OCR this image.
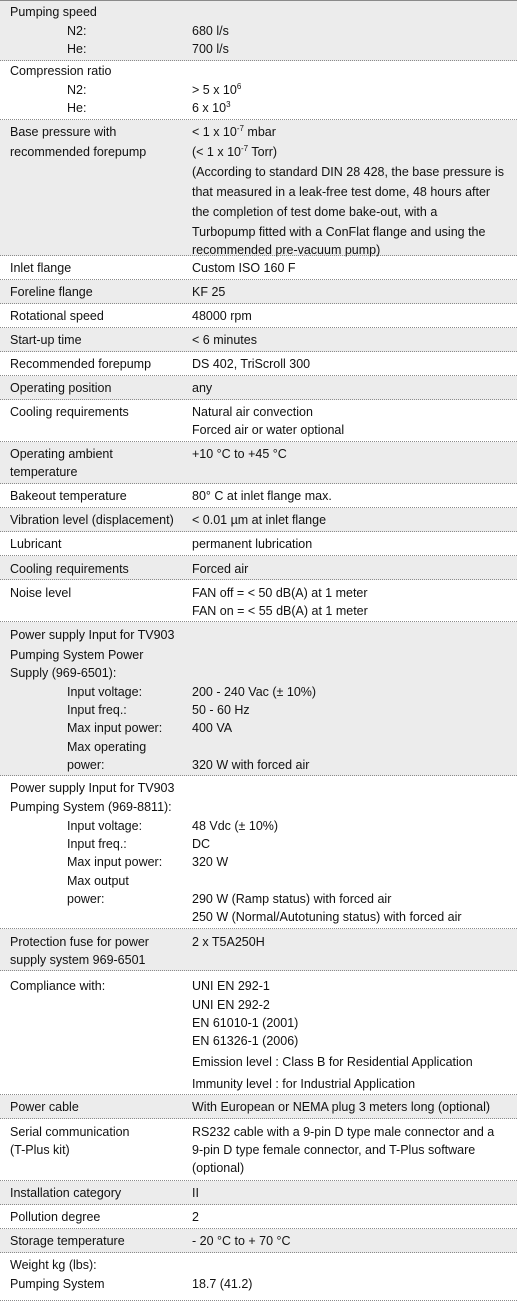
Pumping speed
N2:	680 l/s
He:	700 l/s
Compression ratio
N2:	> 5 x $10^6$
He:	6 x $10^3$
Base pressure with	< 1 x $10^{-7}$ mbar
recommended forepump	(< 1 x $10^{-7}$ Torr)
(According to standard DIN 28 428, the base pressure is
that measured in a leak-free test dome, 48 hours after
the completion of test dome bake-out, with a
Turbopump fitted with a ConFlat flange and using the
recommended pre-vacuum pump)
Inlet flange	Custom ISO 160 F
Foreline flange	KF 25
Rotational speed	48000 rpm
Start-up time	< 6 minutes
Recommended forepump	DS 402, TriScroll 300
Operating position	any
Cooling requirements	Natural air convection
Forced air or water optional
Operating ambient	+10 °C to +45 °C
temperature
Bakeout temperature	80° C at inlet flange max.
Vibration level (displacement) < 0.01 µm at inlet flange
Lubricant	permanent lubrication
Cooling requirements	Forced air
Noise level	FAN off = < 50 dB(A) at 1 meter
FAN on = < 55 dB(A) at 1 meter
Power supply Input for TV903
Pumping System Power
Supply (969-6501):
Input voltage:	200 - 240 Vac (± 10%)
Input freq.:	50 - 60 Hz
Max input power: 400 VA
Max operating
power:	320 W with forced air
Power supply Input for TV903
Pumping System (969-8811):
Input voltage:	48 Vdc (± 10%)
Input freq.:	DC
Max input power: 320 W
Max output
power:	290 W (Ramp status) with forced air
250 W (Normal/Autotuning status) with forced air
Protection fuse for power	2 x T5A250H
supply system 969-6501
Compliance with:	UNI EN 292-1
UNI EN 292-2
EN 61010-1 (2001)
EN 61326-1 (2006)
Emission level : Class B for Residential Application
Immunity level : for Industrial Application
Power cable	With European or NEMA plug 3 meters long (optional)
Serial communication	RS232 cable with a 9-pin D type male connector and a
(T-Plus kit)	9-pin D type female connector, and T-Plus software
(optional)
Installation category	II
Pollution degree	2
Storage temperature	- 20 °C to + 70 °C
Weight kg (lbs):
Pumping System	18.7 (41.2)
